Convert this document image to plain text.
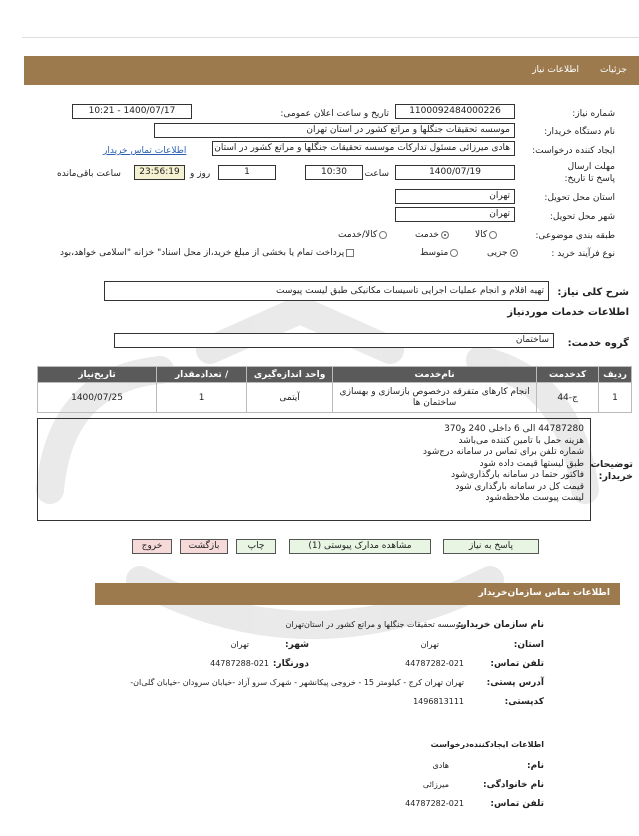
جزئیات
اطلاعات نیاز
شماره نیاز:
1100092484000226
تاریخ و ساعت اعلان عمومی:
1400/07/17 - 10:21
نام دستگاه خریدار:
موسسه تحقیقات جنگلها و مراتع کشور در استان تهران
ایجاد کننده درخواست:
هادی میرزائی مسئول تدارکات موسسه تحقیقات جنگلها و مراتع کشور در استان
اطلاعات تماس خریدار
مهلت ارسال پاسخ تا تاریخ:
1400/07/19
ساعت
10:30
1
روز و
23:56:19
ساعت باقی‌مانده
استان محل تحویل:
تهران
شهر محل تحویل:
تهران
طبقه بندی موضوعی:
کالا
خدمت
کالا/خدمت
نوع فرآیند خرید :
جزیی
متوسط
پرداخت تمام یا بخشی از مبلغ خرید،از محل اسناد" خزانه "اسلامی خواهد،بود
شرح کلی نیاز:
تهیه اقلام و انجام عملیات اجرایی تاسیسات مکانیکی طبق لیست پیوست
اطلاعات خدمات موردنیاز
گروه خدمت:
ساختمان
ردیف	کدخدمت	نام‌خدمت	واحد اندازه‌گیری	/ تعدادمقدار	تاریخ‌نیاز
1	ج-44	انجام کارهای متفرقه درخصوص بازسازی و بهسازی ساختمان ها	آیتمی	1	1400/07/25
توضیحات خریدار:
44787280 الی 6 داخلی 240 و370
هزینه حمل با تامین کننده می‌باشد
شماره تلفن برای تماس در سامانه درج‌شود
طبق لیستها قیمت داده شود
فاکتور حتما در سامانه بارگذاری‌شود
قیمت کل در سامانه بارگذاری شود
لیست پیوست ملاحظه‌شود
پاسخ به نیاز
مشاهده مدارک پیوستی (1)
چاپ
بازگشت
خروج
اطلاعات تماس سازمان‌خریدار
نام سازمان خریدار:
موسسه تحقیقات جنگلها و مراتع کشور در استان‌تهران
استان:
تهران
شهر:
تهران
تلفن تماس:
44787282-021
دورنگار:
44787288-021
آدرس پستی:
تهران تهران کرج - کیلومتر 15 - خروجی پیکانشهر - شهرک سرو آزاد -خیابان سرودان -خیابان گلی‌ان-
کدپستی:
1496813111
اطلاعات ایجادکننده‌درخواست
نام:
هادی
نام خانوادگی:
میرزائی
تلفن تماس:
44787282-021
